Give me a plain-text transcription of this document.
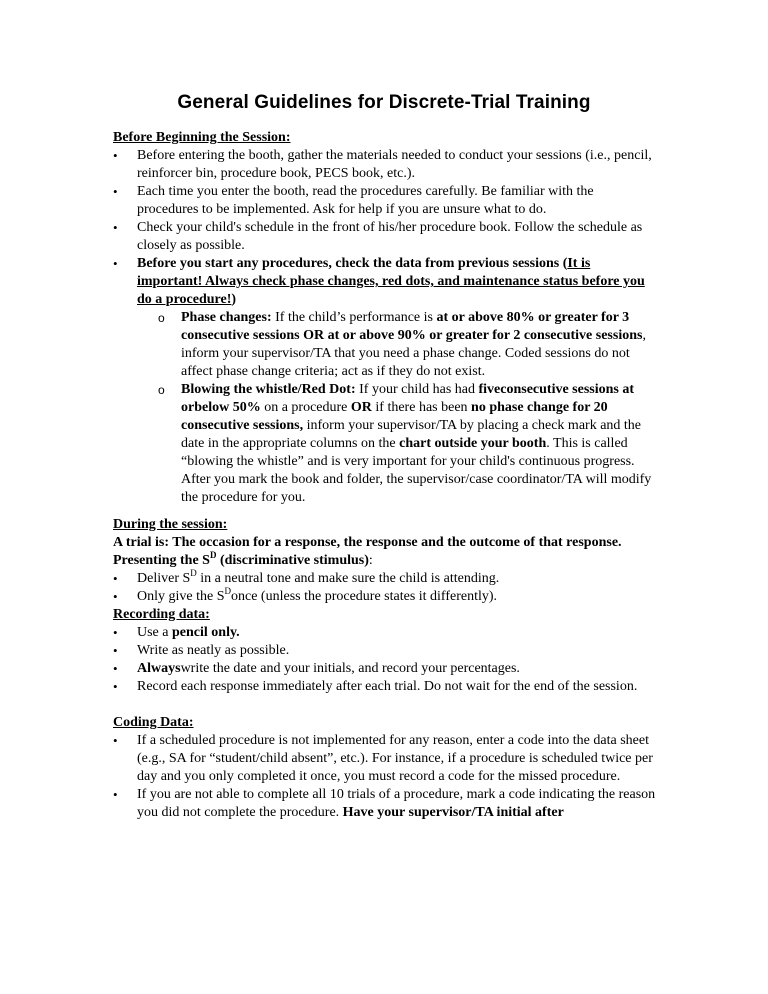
General Guidelines for Discrete-Trial Training
Before Beginning the Session:
•	Before entering the booth, gather the materials needed to conduct your sessions (i.e., pencil, reinforcer bin, procedure book, PECS book, etc.).
•	Each time you enter the booth, read the procedures carefully. Be familiar with the procedures to be implemented. Ask for help if you are unsure what to do.
•	Check your child's schedule in the front of his/her procedure book. Follow the schedule as closely as possible.
•	Before you start any procedures, check the data from previous sessions (It is important! Always check phase changes, red dots, and maintenance status before you do a procedure!)
o Phase changes: If the child’s performance is at or above 80% or greater for 3 consecutive sessions OR at or above 90% or greater for 2 consecutive sessions, inform your supervisor/TA that you need a phase change. Coded sessions do not affect phase change criteria; act as if they do not exist.
o Blowing the whistle/Red Dot: If your child has had fiveconsecutive sessions at orbelow 50% on a procedure OR if there has been no phase change for 20 consecutive sessions, inform your supervisor/TA by placing a check mark and the date in the appropriate columns on the chart outside your booth. This is called “blowing the whistle” and is very important for your child's continuous progress. After you mark the book and folder, the supervisor/case coordinator/TA will modify the procedure for you.
During the session:
A trial is: The occasion for a response, the response and the outcome of that response.
Presenting the $S^D$ (discriminative stimulus):
•	Deliver $S^D$ in a neutral tone and make sure the child is attending.
•	Only give the $S^Donce$ (unless the procedure states it differently).
Recording data:
•	Use a pencil only.
•	Write as neatly as possible.
•	Alwayswrite the date and your initials, and record your percentages.
•	Record each response immediately after each trial. Do not wait for the end of the session.
Coding Data:
•	If a scheduled procedure is not implemented for any reason, enter a code into the data sheet (e.g., SA for “student/child absent”, etc.). For instance, if a procedure is scheduled twice per day and you only completed it once, you must record a code for the missed procedure.
•	If you are not able to complete all 10 trials of a procedure, mark a code indicating the reason you did not complete the procedure. Have your supervisor/TA initial after
